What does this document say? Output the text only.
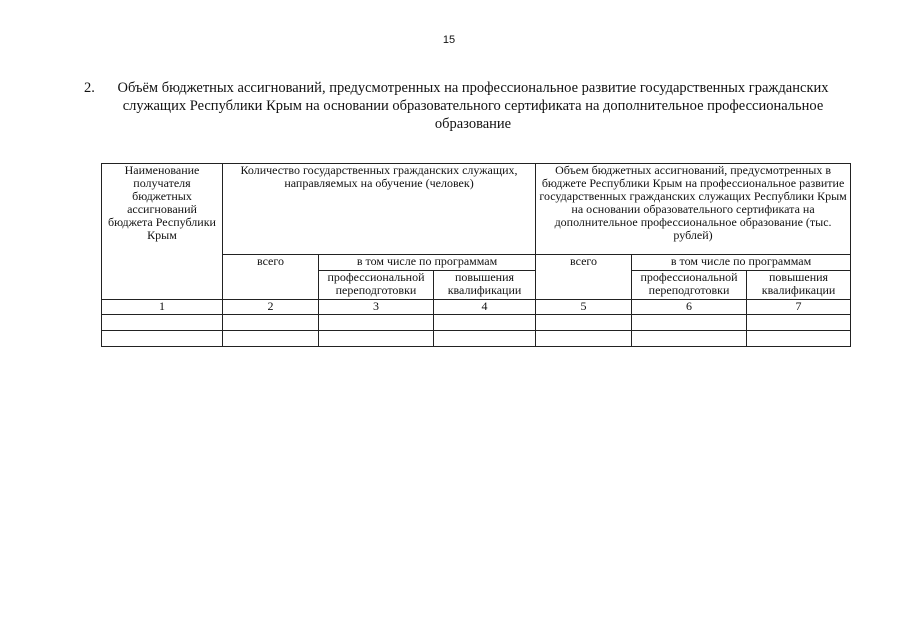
15
2.	Объём бюджетных ассигнований, предусмотренных на профессиональное развитие государственных гражданских служащих Республики Крым на основании образовательного сертификата на дополнительное профессиональное образование
Наименование получателя бюджетных ассигнований бюджета Республики Крым	Количество государственных гражданских служащих, направляемых на обучение (человек)			Объем бюджетных ассигнований, предусмотренных в бюджете Республики Крым на профессиональное развитие государственных гражданских служащих Республики Крым на основании образовательного сертификата на дополнительное профессиональное образование (тыс. рублей)		
	всего	в том числе по программам		всего	в том числе по программам	
		профессиональной переподготовки	повышения квалификации		профессиональной переподготовки	повышения квалификации
1	2	3	4	5	6	7
